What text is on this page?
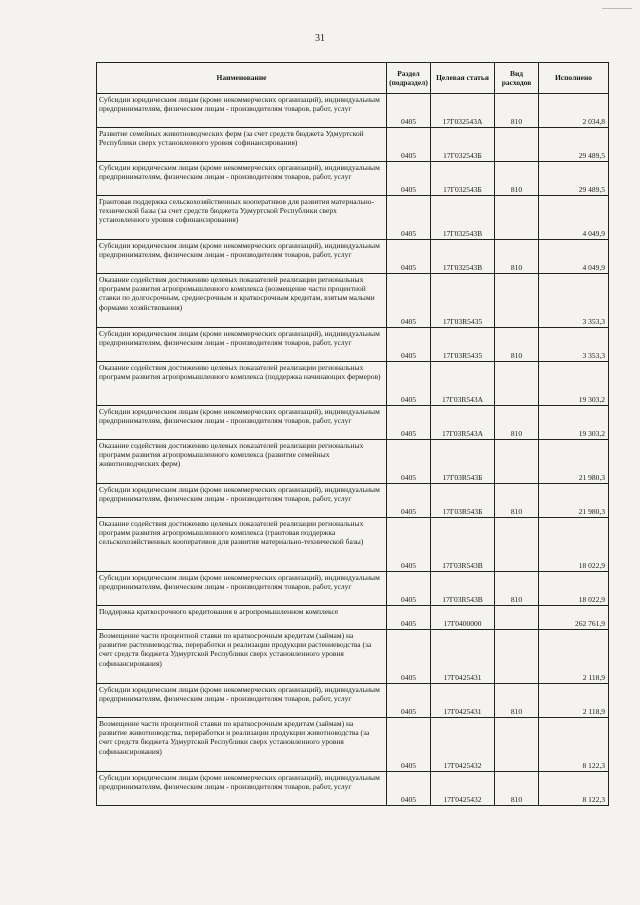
31
Наименование	Раздел (подраздел)	Целевая статья	Вид расходов	Исполнено
Субсидии юридическим лицам (кроме некоммерческих организаций), индивидуальным предпринимателям, физическим лицам - производителям товаров, работ, услуг	0405	17Г032543А	810	2 034,8
Развитие семейных животноводческих ферм (за счет средств бюджета Удмуртской Республики сверх установленного уровня софинансирования)	0405	17Г032543Б		29 489,5
Субсидии юридическим лицам (кроме некоммерческих организаций), индивидуальным предпринимателям, физическим лицам - производителям товаров, работ, услуг	0405	17Г032543Б	810	29 489,5
Грантовая поддержка сельскохозяйственных кооперативов для развития материально-технической базы (за счет средств бюджета Удмуртской Республики сверх установленного уровня софинансирования)	0405	17Г032543В		4 049,9
Субсидии юридическим лицам (кроме некоммерческих организаций), индивидуальным предпринимателям, физическим лицам - производителям товаров, работ, услуг	0405	17Г032543В	810	4 049,9
Оказание содействия достижению целевых показателей реализации региональных программ развития агропромышленного комплекса (возмещение части процентной ставки по долгосрочным, среднесрочным и краткосрочным кредитам, взятым малыми формами хозяйствования)	0405	17Г03R5435		3 353,3
Субсидии юридическим лицам (кроме некоммерческих организаций), индивидуальным предпринимателям, физическим лицам - производителям товаров, работ, услуг	0405	17Г03R5435	810	3 353,3
Оказание содействия достижению целевых показателей реализации региональных программ развития агропромышленного комплекса (поддержка начинающих фермеров)	0405	17Г03R543А		19 303,2
Субсидии юридическим лицам (кроме некоммерческих организаций), индивидуальным предпринимателям, физическим лицам - производителям товаров, работ, услуг	0405	17Г03R543А	810	19 303,2
Оказание содействия достижению целевых показателей реализации региональных программ развития агропромышленного комплекса (развитие семейных животноводческих ферм)	0405	17Г03R543Б		21 980,3
Субсидии юридическим лицам (кроме некоммерческих организаций), индивидуальным предпринимателям, физическим лицам - производителям товаров, работ, услуг	0405	17Г03R543Б	810	21 980,3
Оказание содействия достижению целевых показателей реализации региональных программ развития агропромышленного комплекса (грантовая поддержка сельскохозяйственных кооперативов для развития материально-технической базы)	0405	17Г03R543В		18 022,9
Субсидии юридическим лицам (кроме некоммерческих организаций), индивидуальным предпринимателям, физическим лицам - производителям товаров, работ, услуг	0405	17Г03R543В	810	18 022,9
Поддержка краткосрочного кредитования в агропромышленном комплексе	0405	17Г0400000		262 761,9
Возмещение части процентной ставки по краткосрочным кредитам (займам) на развитие растениеводства, переработки и реализации продукции растениеводства (за счет средств бюджета Удмуртской Республики сверх установленного уровня софинансирования)	0405	17Г0425431		2 118,9
Субсидии юридическим лицам (кроме некоммерческих организаций), индивидуальным предпринимателям, физическим лицам - производителям товаров, работ, услуг	0405	17Г0425431	810	2 118,9
Возмещение части процентной ставки по краткосрочным кредитам (займам) на развитие животноводства, переработки и реализации продукции животноводства (за счет средств бюджета Удмуртской Республики сверх установленного уровня софинансирования)	0405	17Г0425432		8 122,3
Субсидии юридическим лицам (кроме некоммерческих организаций), индивидуальным предпринимателям, физическим лицам - производителям товаров, работ, услуг	0405	17Г0425432	810	8 122,3
